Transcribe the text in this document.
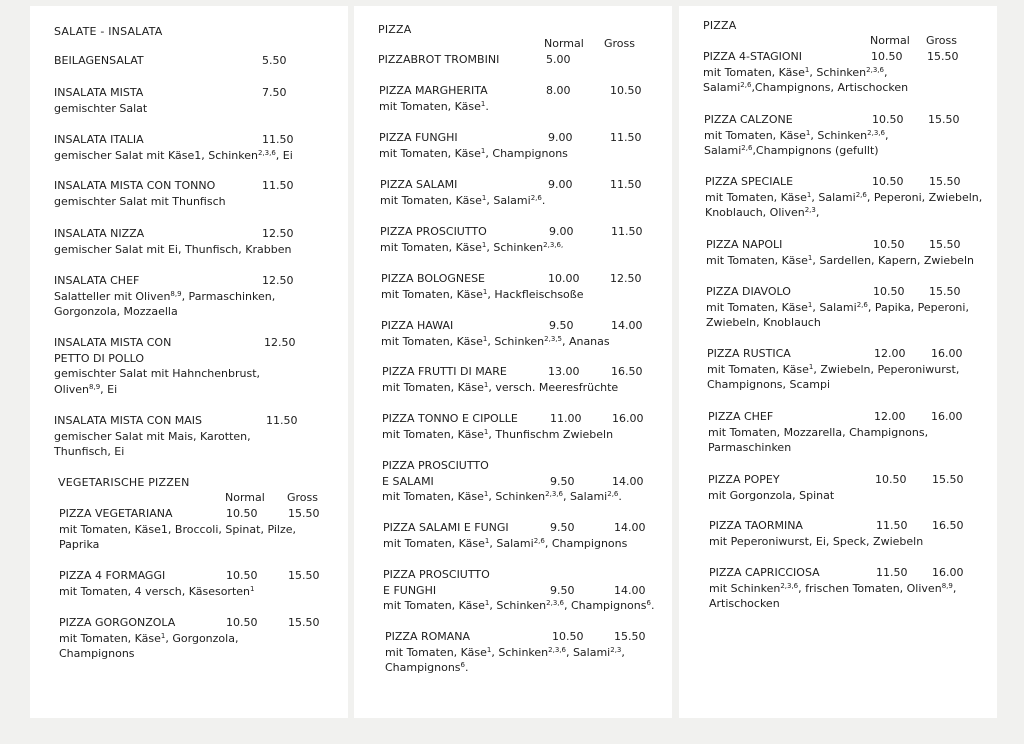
SALATE - INSALATA
BEILAGENSALAT	5.50
INSALATA MISTA	7.50
gemischter Salat
INSALATA ITALIA	11.50
gemischer Salat mit Käse1, Schinken$^{2,3,6}$, Ei
INSALATA MISTA CON TONNO	11.50
gemischter Salat mit Thunfisch
INSALATA NIZZA	12.50
gemischer Salat mit Ei, Thunfisch, Krabben
INSALATA CHEF	12.50
Salatteller mit Oliven$^{8,9}$, Parmaschinken,
Gorgonzola, Mozzaella
INSALATA MISTA CON	12.50
PETTO DI POLLO
gemischter Salat mit Hahnchenbrust,
Oliven$^{8,9}$, Ei
INSALATA MISTA CON MAIS	11.50
gemischer Salat mit Mais, Karotten,
Thunfisch, Ei
VEGETARISCHE PIZZEN
Normal Gross
PIZZA VEGETARIANA	10.50	15.50
mit Tomaten, Käse1, Broccoli, Spinat, Pilze,
Paprika
PIZZA 4 FORMAGGI	10.50	15.50
mit Tomaten, 4 versch, Käsesorten$^1$
PIZZA GORGONZOLA	10.50	15.50
mit Tomaten, Käse$^1$, Gorgonzola,
Champignons
PIZZA
Normal Gross
PIZZABROT TROMBINI	5.00
PIZZA MARGHERITA	8.00	10.50
mit Tomaten, Käse$^1$.
PIZZA FUNGHI	9.00	11.50
mit Tomaten, Käse$^1$, Champignons
PIZZA SALAMI	9.00	11.50
mit Tomaten, Käse$^1$, Salami$^{2,6}$.
PIZZA PROSCIUTTO	9.00	11.50
mit Tomaten, Käse$^1$, Schinken$^{2,3,6,}$
PIZZA BOLOGNESE	10.00	12.50
mit Tomaten, Käse$^1$, Hackfleischsoße
PIZZA HAWAI	9.50	14.00
mit Tomaten, Käse$^1$, Schinken$^{2,3,5}$, Ananas
PIZZA FRUTTI DI MARE	13.00	16.50
mit Tomaten, Käse$^1$, versch. Meeresfrüchte
PIZZA TONNO E CIPOLLE	11.00	16.00
mit Tomaten, Käse$^1$, Thunfischm Zwiebeln
PIZZA PROSCIUTTO
E SALAMI	9.50	14.00
mit Tomaten, Käse$^1$, Schinken$^{2,3,6}$, Salami$^{2,6}$.
PIZZA SALAMI E FUNGI	9.50	14.00
mit Tomaten, Käse$^1$, Salami$^{2,6}$, Champignons
PIZZA PROSCIUTTO
E FUNGHI	9.50	14.00
mit Tomaten, Käse$^1$, Schinken$^{2,3,6}$, Champignons$^6$.
PIZZA ROMANA	10.50	15.50
mit Tomaten, Käse$^1$, Schinken$^{2,3,6}$, Salami$^{2,3}$,
Champignons$^6$.
PIZZA
Normal Gross
PIZZA 4-STAGIONI	10.50 15.50
mit Tomaten, Käse$^1$, Schinken$^{2,3,6}$,
Salami$^{2,6}$,Champignons, Artischocken
PIZZA CALZONE	10.50 15.50
mit Tomaten, Käse$^1$, Schinken$^{2,3,6}$,
Salami$^{2,6}$,Champignons (gefullt)
PIZZA SPECIALE	10.50 15.50
mit Tomaten, Käse$^1$, Salami$^{2,6}$, Peperoni, Zwiebeln,
Knoblauch, Oliven$^{2,3}$,
PIZZA NAPOLI	10.50 15.50
mit Tomaten, Käse$^1$, Sardellen, Kapern, Zwiebeln
PIZZA DIAVOLO	10.50 15.50
mit Tomaten, Käse$^1$, Salami$^{2,6}$, Papika, Peperoni,
Zwiebeln, Knoblauch
PIZZA RUSTICA	12.00 16.00
mit Tomaten, Käse$^1$, Zwiebeln, Peperoniwurst,
Champignons, Scampi
PIZZA CHEF	12.00 16.00
mit Tomaten, Mozzarella, Champignons,
Parmaschinken
PIZZA POPEY	10.50 15.50
mit Gorgonzola, Spinat
PIZZA TAORMINA	11.50 16.50
mit Peperoniwurst, Ei, Speck, Zwiebeln
PIZZA CAPRICCIOSA	11.50 16.00
mit Schinken$^{2,3,6}$, frischen Tomaten, Oliven$^{8,9}$,
Artischocken
